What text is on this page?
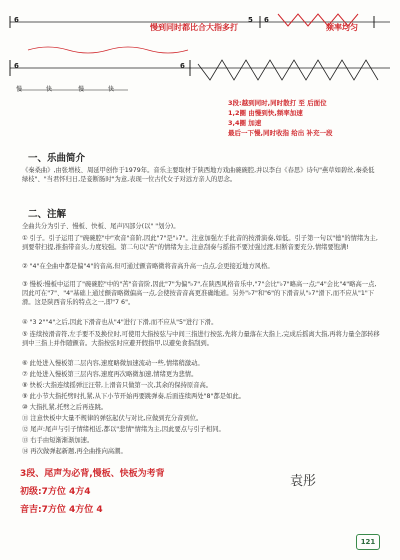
6	5 6
6	6
慢	快	慢	快
慢到同时都比合大指多打	频率均匀
3段:越到同时,同时散打 至 后面位
1,2圈 由慢到快,频率加速
3,4圈 加速
最后一下慢,同时收指 给出 补充一段
一、乐曲简介

《秦桑曲》,由张增枝、周延甲创作于1979年。音乐主要取材于陕西地方戏曲碗碗腔,并以李白《春思》诗句"燕草如碧丝,秦桑低绿枝"、"当君怀归日,是妾断肠时"为意,表现一位古代女子对远方亲人的思念。

二、注解

全曲共分为引子、慢板、快板、尾声四部分(以" "划分)。

① 引子。引子运用了"碗碗腔"中"欢音"音阶,因此"7"是"♭7"。注意加强左手此音的按滑演奏,如低。引子第一句以"德"的情绪为主,到要带扫提,推指带音头,力度较强。第二句以"苦"的情绪为主,注意刮奏与摇指不要过强过渡,但断音要充分,情绪要饱满!
② "4"在全曲中都是偏"4"的音高,但可通过颤音略微将音高升高一点点,会更接近地方风格。
③ 慢板:慢板中运用了"碗碗腔"中的"苦"音音阶,因此"7"为偏"♭7",在陕西风格音乐中,"7"会比"♭7"略高一点;"4"会比"4"略高一点,因此可在"7"、"4"基础上通过颤音略微偏高一点,会使按音音高更准确地道。另外"♭7"和"6"的下滑音从"♭7"滑下,而不应从"1"下滑。这是陕西音乐的特点之一,即"7 6"。
④ "3 2""4"之后,因此下滑音也从"4"进行下滑,而不应从"5"进行下滑。
⑤ 连续按滑音符,左手要不及换位时,可使用大指按弦与中间三指进行按弦,先将力量落在大指上,完成后摇离大指,再将力量全部转移到中三指上并作随颤音。大指按弦时应避开假指甲,以避免食指刮到。
⑥ 此处进入慢板第二层内容,速度略微加速流动一些,情绪稍激动。
⑦ 此处进入慢板第三层内容,速度再次略微加速,情绪更为悲情。
⑧ 快板:大指连续摇弹汪汪带,上滑音只做第一次,其余的保持原音高。
⑨ 此小节大指托劈时扎紧,从下小节开始再要跳弹奏,后面连续两处"8"都是如此。
⑩ 大指扎紧,托劈之后再连跳。
⑪ 注意快板中大量不规律的弹弦起伏与对比,应做到充分音到位。
⑫ 尾声:尾声与引子情绪相近,都以"悲情"情绪为主,因此要点与引子相同。
⑬ 右手由短渐渐渐加速。
⑭ 再次做弹起新题,再全曲推向高潮。
3段、尾声为必背,慢板、快板为考背
初级:7方位 4方4
音吉:7方位 4方位 4
袁彤
121
